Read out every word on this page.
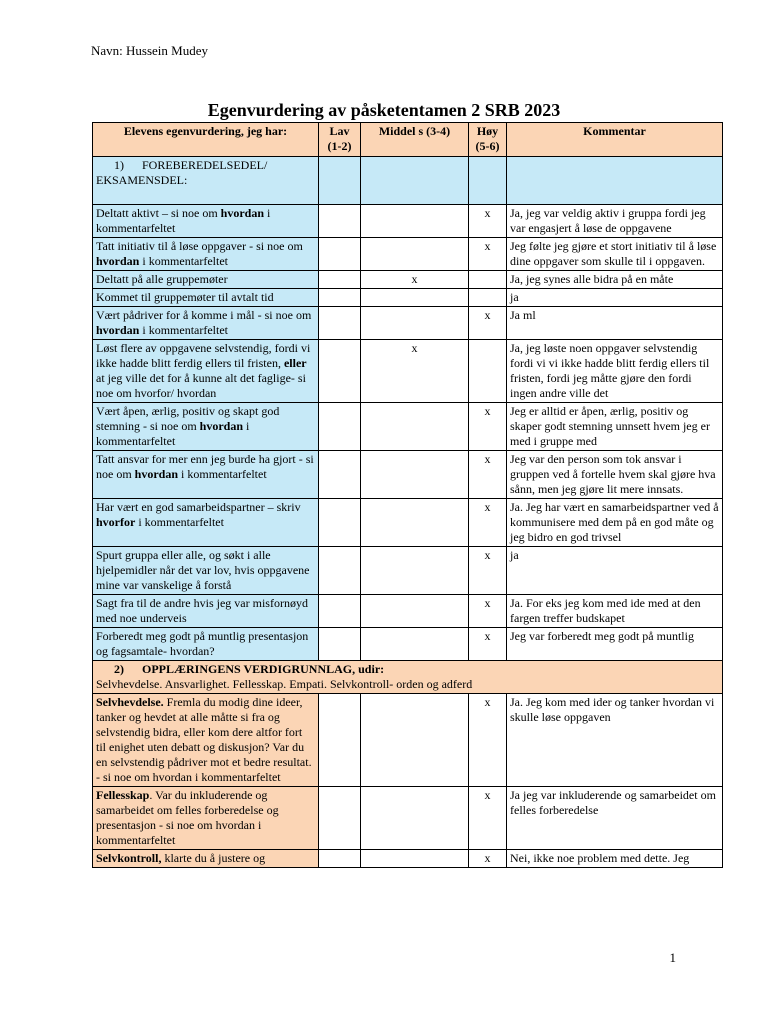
Navn: Hussein Mudey
Egenvurdering av påsketentamen 2 SRB 2023
Elevens egenvurdering, jeg har:	Lav (1-2)	Middel s (3-4)	Høy (5-6)	Kommentar
1) FOREBEREDELSEDEL/ EKSAMENSDEL:				
Deltatt aktivt – si noe om hvordan i kommentarfeltet			x	Ja, jeg var veldig aktiv i gruppa fordi jeg var engasjert å løse de oppgavene
Tatt initiativ til å løse oppgaver - si noe om hvordan i kommentarfeltet			x	Jeg følte jeg gjøre et stort initiativ til å løse dine oppgaver som skulle til i oppgaven.
Deltatt på alle gruppemøter		x		Ja, jeg synes alle bidra på en måte
Kommet til gruppemøter til avtalt tid				ja
Vært pådriver for å komme i mål - si noe om hvordan i kommentarfeltet			x	Ja ml
Løst flere av oppgavene selvstendig, fordi vi ikke hadde blitt ferdig ellers til fristen, eller at jeg ville det for å kunne alt det faglige- si noe om hvorfor/ hvordan		x		Ja, jeg løste noen oppgaver selvstendig fordi vi vi ikke hadde blitt ferdig ellers til fristen, fordi jeg måtte gjøre den fordi ingen andre ville det
Vært åpen, ærlig, positiv og skapt god stemning - si noe om hvordan i kommentarfeltet			x	Jeg er alltid er åpen, ærlig, positiv og skaper godt stemning unnsett hvem jeg er med i gruppe med
Tatt ansvar for mer enn jeg burde ha gjort - si noe om hvordan i kommentarfeltet			x	Jeg var den person som tok ansvar i gruppen ved å fortelle hvem skal gjøre hva sånn, men jeg gjøre lit mere innsats.
Har vært en god samarbeidspartner – skriv hvorfor i kommentarfeltet			x	Ja. Jeg har vært en samarbeidspartner ved å kommunisere med dem på en god måte og jeg bidro en god trivsel
Spurt gruppa eller alle, og søkt i alle hjelpemidler når det var lov, hvis oppgavene mine var vanskelige å forstå			x	ja
Sagt fra til de andre hvis jeg var misfornøyd med noe underveis			x	Ja. For eks jeg kom med ide med at den fargen treffer budskapet
Forberedt meg godt på muntlig presentasjon og fagsamtale- hvordan?			x	Jeg var forberedt meg godt på muntlig

2) OPPLÆRINGENS VERDIGRUNNLAG, udir:
Selvhevdelse. Ansvarlighet. Fellesskap. Empati. Selvkontroll- orden og adferd				

Selvhevdelse. Fremla du modig dine ideer, tanker og hevdet at alle måtte si fra og selvstendig bidra, eller kom dere altfor fort til enighet uten debatt og diskusjon? Var du en selvstendig pådriver mot et bedre resultat. - si noe om hvordan i kommentarfeltet			x	Ja. Jeg kom med ider og tanker hvordan vi skulle løse oppgaven
Fellesskap. Var du inkluderende og samarbeidet om felles forberedelse og presentasjon - si noe om hvordan i kommentarfeltet			x	Ja jeg var inkluderende og samarbeidet om felles forberedelse
Selvkontroll, klarte du å justere og			x	Nei, ikke noe problem med dette. Jeg
1
